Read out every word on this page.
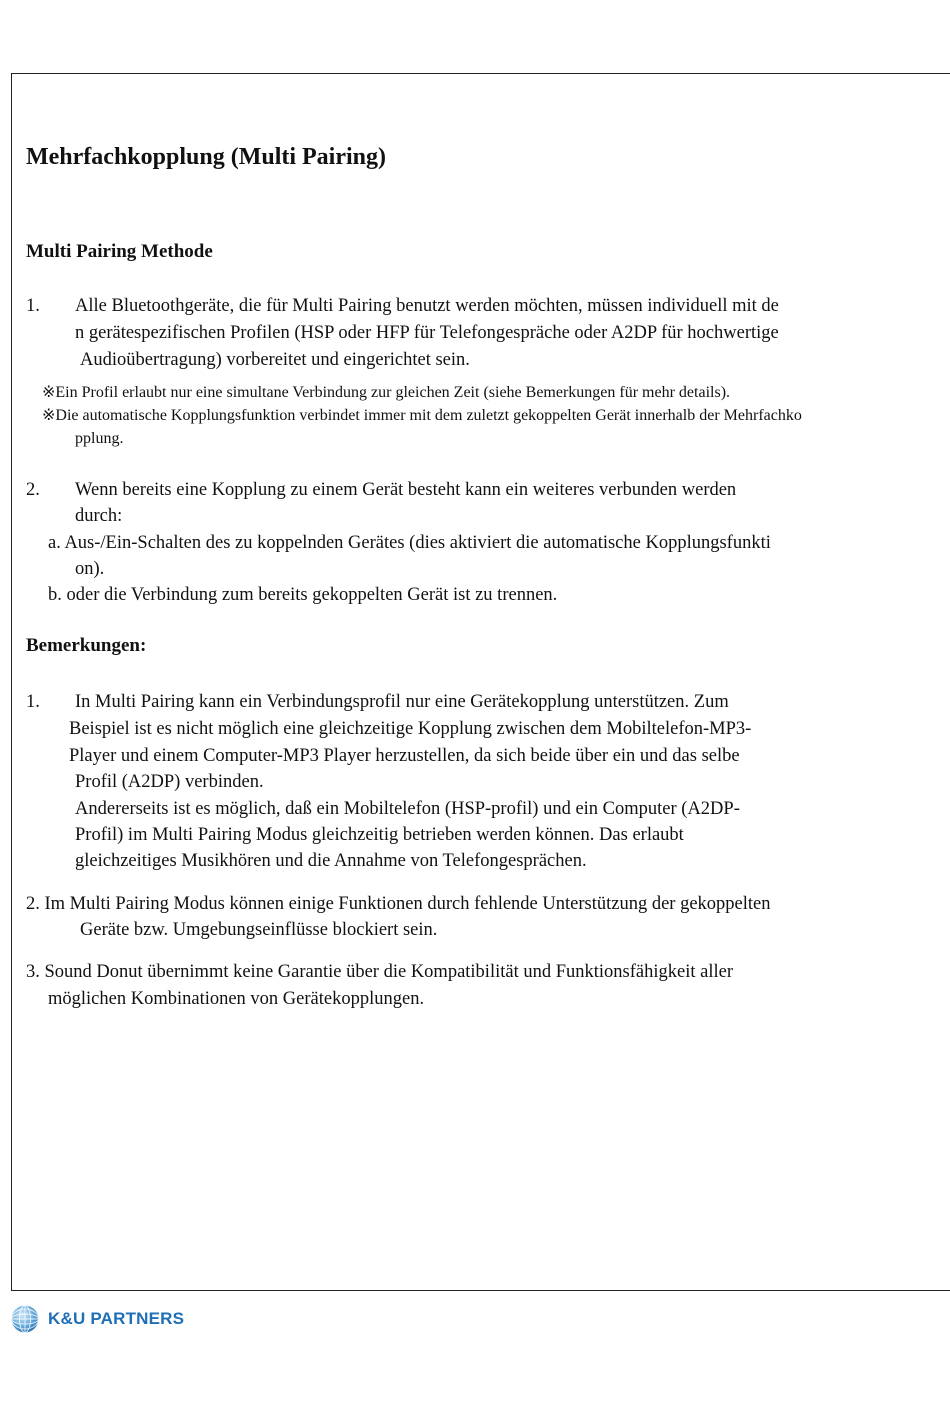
Mehrfachkopplung (Multi Pairing)
Multi Pairing Methode
1. Alle Bluetoothgeräte, die für Multi Pairing benutzt werden möchten, müssen individuell mit de
n gerätespezifischen Profilen (HSP oder HFP für Telefongespräche oder A2DP für hochwertige
Audioübertragung) vorbereitet und eingerichtet sein.
※Ein Profil erlaubt nur eine simultane Verbindung zur gleichen Zeit (siehe Bemerkungen für mehr details).
※Die automatische Kopplungsfunktion verbindet immer mit dem zuletzt gekoppelten Gerät innerhalb der Mehrfachko
pplung.
2. Wenn bereits eine Kopplung zu einem Gerät besteht kann ein weiteres verbunden werden
durch:
a. Aus-/Ein-Schalten des zu koppelnden Gerätes (dies aktiviert die automatische Kopplungsfunkti
on).
b. oder die Verbindung zum bereits gekoppelten Gerät ist zu trennen.
Bemerkungen:
1. In Multi Pairing kann ein Verbindungsprofil nur eine Gerätekopplung unterstützen. Zum
Beispiel ist es nicht möglich eine gleichzeitige Kopplung zwischen dem Mobiltelefon-MP3-
Player und einem Computer-MP3 Player herzustellen, da sich beide über ein und das selbe
Profil (A2DP) verbinden.
Andererseits ist es möglich, daß ein Mobiltelefon (HSP-profil) und ein Computer (A2DP-
Profil) im Multi Pairing Modus gleichzeitig betrieben werden können. Das erlaubt
gleichzeitiges Musikhören und die Annahme von Telefongesprächen.
2. Im Multi Pairing Modus können einige Funktionen durch fehlende Unterstützung der gekoppelten
Geräte bzw. Umgebungseinflüsse blockiert sein.
3. Sound Donut übernimmt keine Garantie über die Kompatibilität und Funktionsfähigkeit aller
möglichen Kombinationen von Gerätekopplungen.
K&U PARTNERS
